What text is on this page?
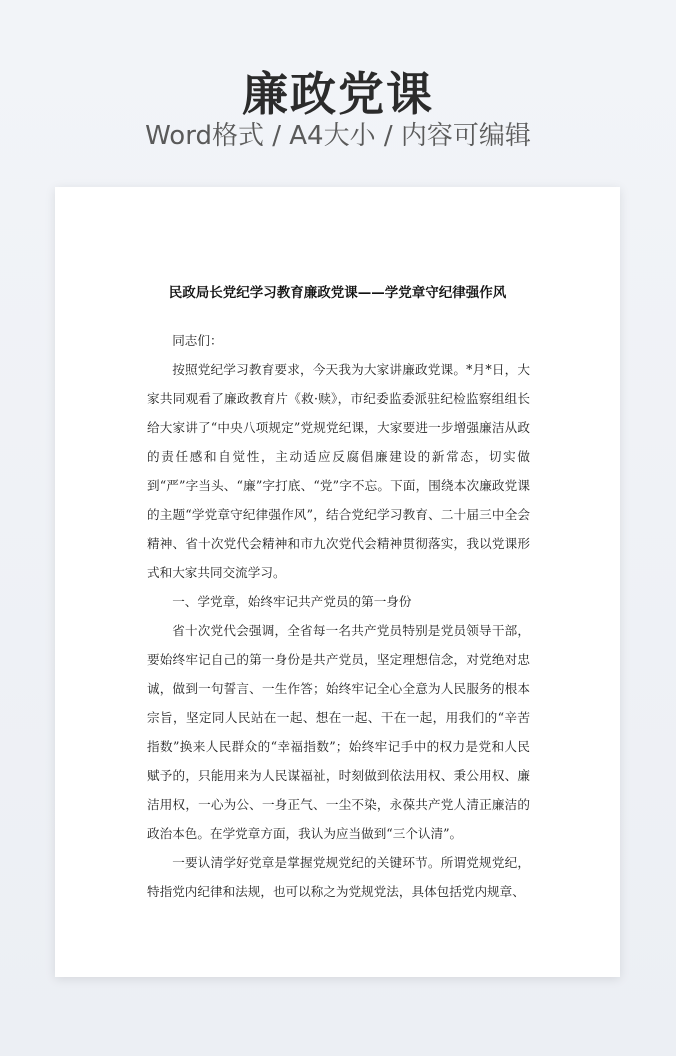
廉政党课
Word格式 / A4大小 / 内容可编辑
民政局长党纪学习教育廉政党课——学党章守纪律强作风

同志们：

按照党纪学习教育要求，今天我为大家讲廉政党课。*月*日，大家共同观看了廉政教育片《救·赎》，市纪委监委派驻纪检监察组组长给大家讲了“中央八项规定”党规党纪课，大家要进一步增强廉洁从政的责任感和自觉性，主动适应反腐倡廉建设的新常态，切实做到“严”字当头、“廉”字打底、“党”字不忘。下面，围绕本次廉政党课的主题“学党章守纪律强作风”，结合党纪学习教育、二十届三中全会精神、省十次党代会精神和市九次党代会精神贯彻落实，我以党课形式和大家共同交流学习。

一、学党章，始终牢记共产党员的第一身份

省十次党代会强调，全省每一名共产党员特别是党员领导干部，要始终牢记自己的第一身份是共产党员，坚定理想信念，对党绝对忠诚，做到一句誓言、一生作答；始终牢记全心全意为人民服务的根本宗旨，坚定同人民站在一起、想在一起、干在一起，用我们的“辛苦指数”换来人民群众的“幸福指数”；始终牢记手中的权力是党和人民赋予的，只能用来为人民谋福祉，时刻做到依法用权、秉公用权、廉洁用权，一心为公、一身正气、一尘不染，永葆共产党人清正廉洁的政治本色。在学党章方面，我认为应当做到“三个认清”。

一要认清学好党章是掌握党规党纪的关键环节。所谓党规党纪，特指党内纪律和法规，也可以称之为党规党法，具体包括党内规章、
